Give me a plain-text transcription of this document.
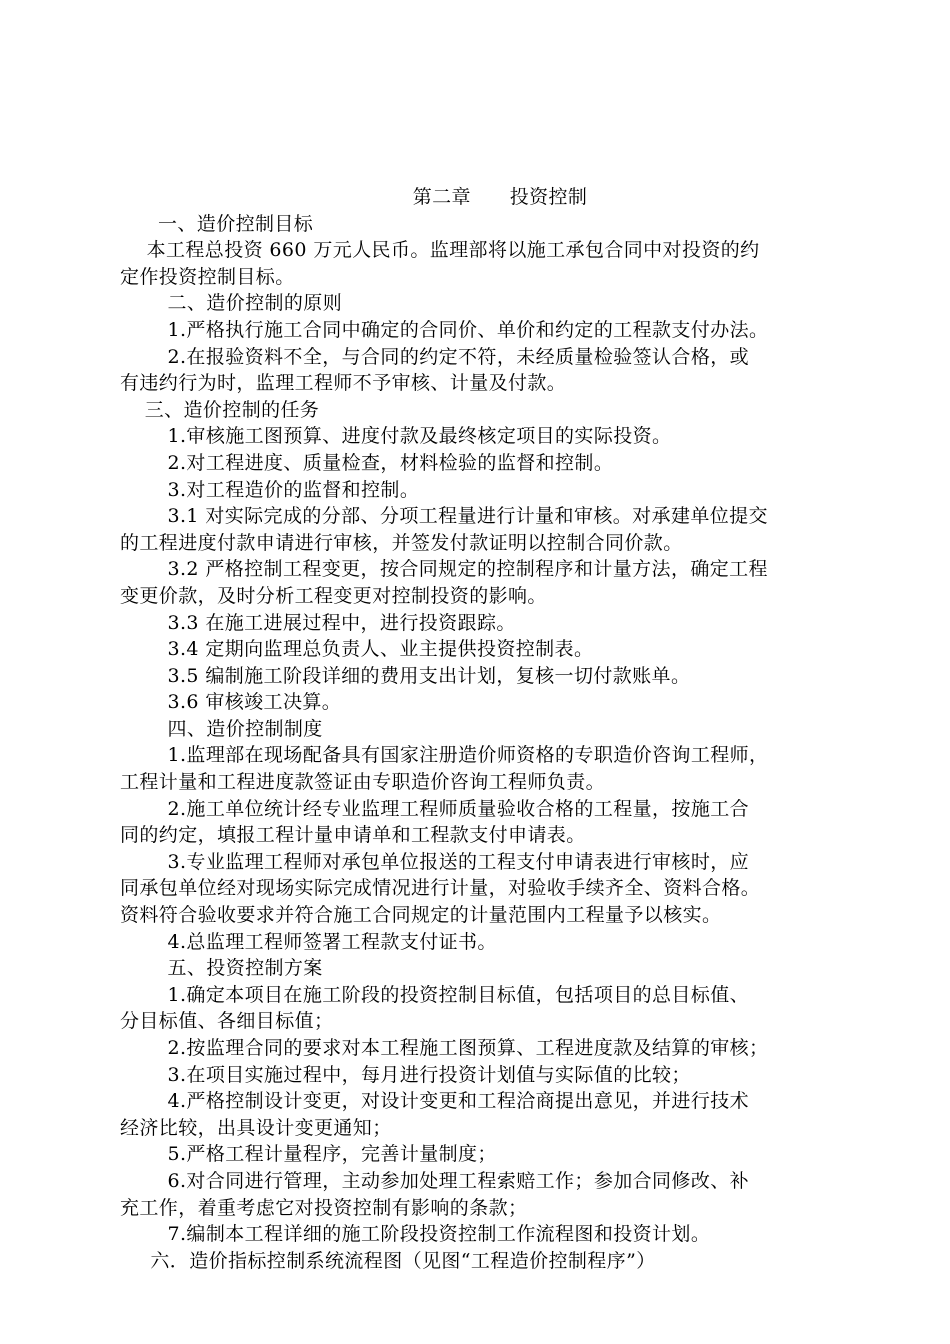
第二章　　投资控制
一、造价控制目标
本工程总投资 660 万元人民币。监理部将以施工承包合同中对投资的约
定作投资控制目标。
二、造价控制的原则
1.严格执行施工合同中确定的合同价、单价和约定的工程款支付办法。
2.在报验资料不全，与合同的约定不符，未经质量检验签认合格，或
有违约行为时，监理工程师不予审核、计量及付款。
三、造价控制的任务
1.审核施工图预算、进度付款及最终核定项目的实际投资。
2.对工程进度、质量检查，材料检验的监督和控制。
3.对工程造价的监督和控制。
3.1 对实际完成的分部、分项工程量进行计量和审核。对承建单位提交
的工程进度付款申请进行审核，并签发付款证明以控制合同价款。
3.2 严格控制工程变更，按合同规定的控制程序和计量方法，确定工程
变更价款，及时分析工程变更对控制投资的影响。
3.3 在施工进展过程中，进行投资跟踪。
3.4 定期向监理总负责人、业主提供投资控制表。
3.5 编制施工阶段详细的费用支出计划，复核一切付款账单。
3.6 审核竣工决算。
四、造价控制制度
1.监理部在现场配备具有国家注册造价师资格的专职造价咨询工程师，
工程计量和工程进度款签证由专职造价咨询工程师负责。
2.施工单位统计经专业监理工程师质量验收合格的工程量，按施工合
同的约定，填报工程计量申请单和工程款支付申请表。
3.专业监理工程师对承包单位报送的工程支付申请表进行审核时，应
同承包单位经对现场实际完成情况进行计量，对验收手续齐全、资料合格。
资料符合验收要求并符合施工合同规定的计量范围内工程量予以核实。
4.总监理工程师签署工程款支付证书。
五、投资控制方案
1.确定本项目在施工阶段的投资控制目标值，包括项目的总目标值、
分目标值、各细目标值；
2.按监理合同的要求对本工程施工图预算、工程进度款及结算的审核；
3.在项目实施过程中，每月进行投资计划值与实际值的比较；
4.严格控制设计变更，对设计变更和工程洽商提出意见，并进行技术
经济比较，出具设计变更通知；
5.严格工程计量程序，完善计量制度；
6.对合同进行管理，主动参加处理工程索赔工作；参加合同修改、补
充工作，着重考虑它对投资控制有影响的条款；
7.编制本工程详细的施工阶段投资控制工作流程图和投资计划。
六．造价指标控制系统流程图（见图“工程造价控制程序”）
